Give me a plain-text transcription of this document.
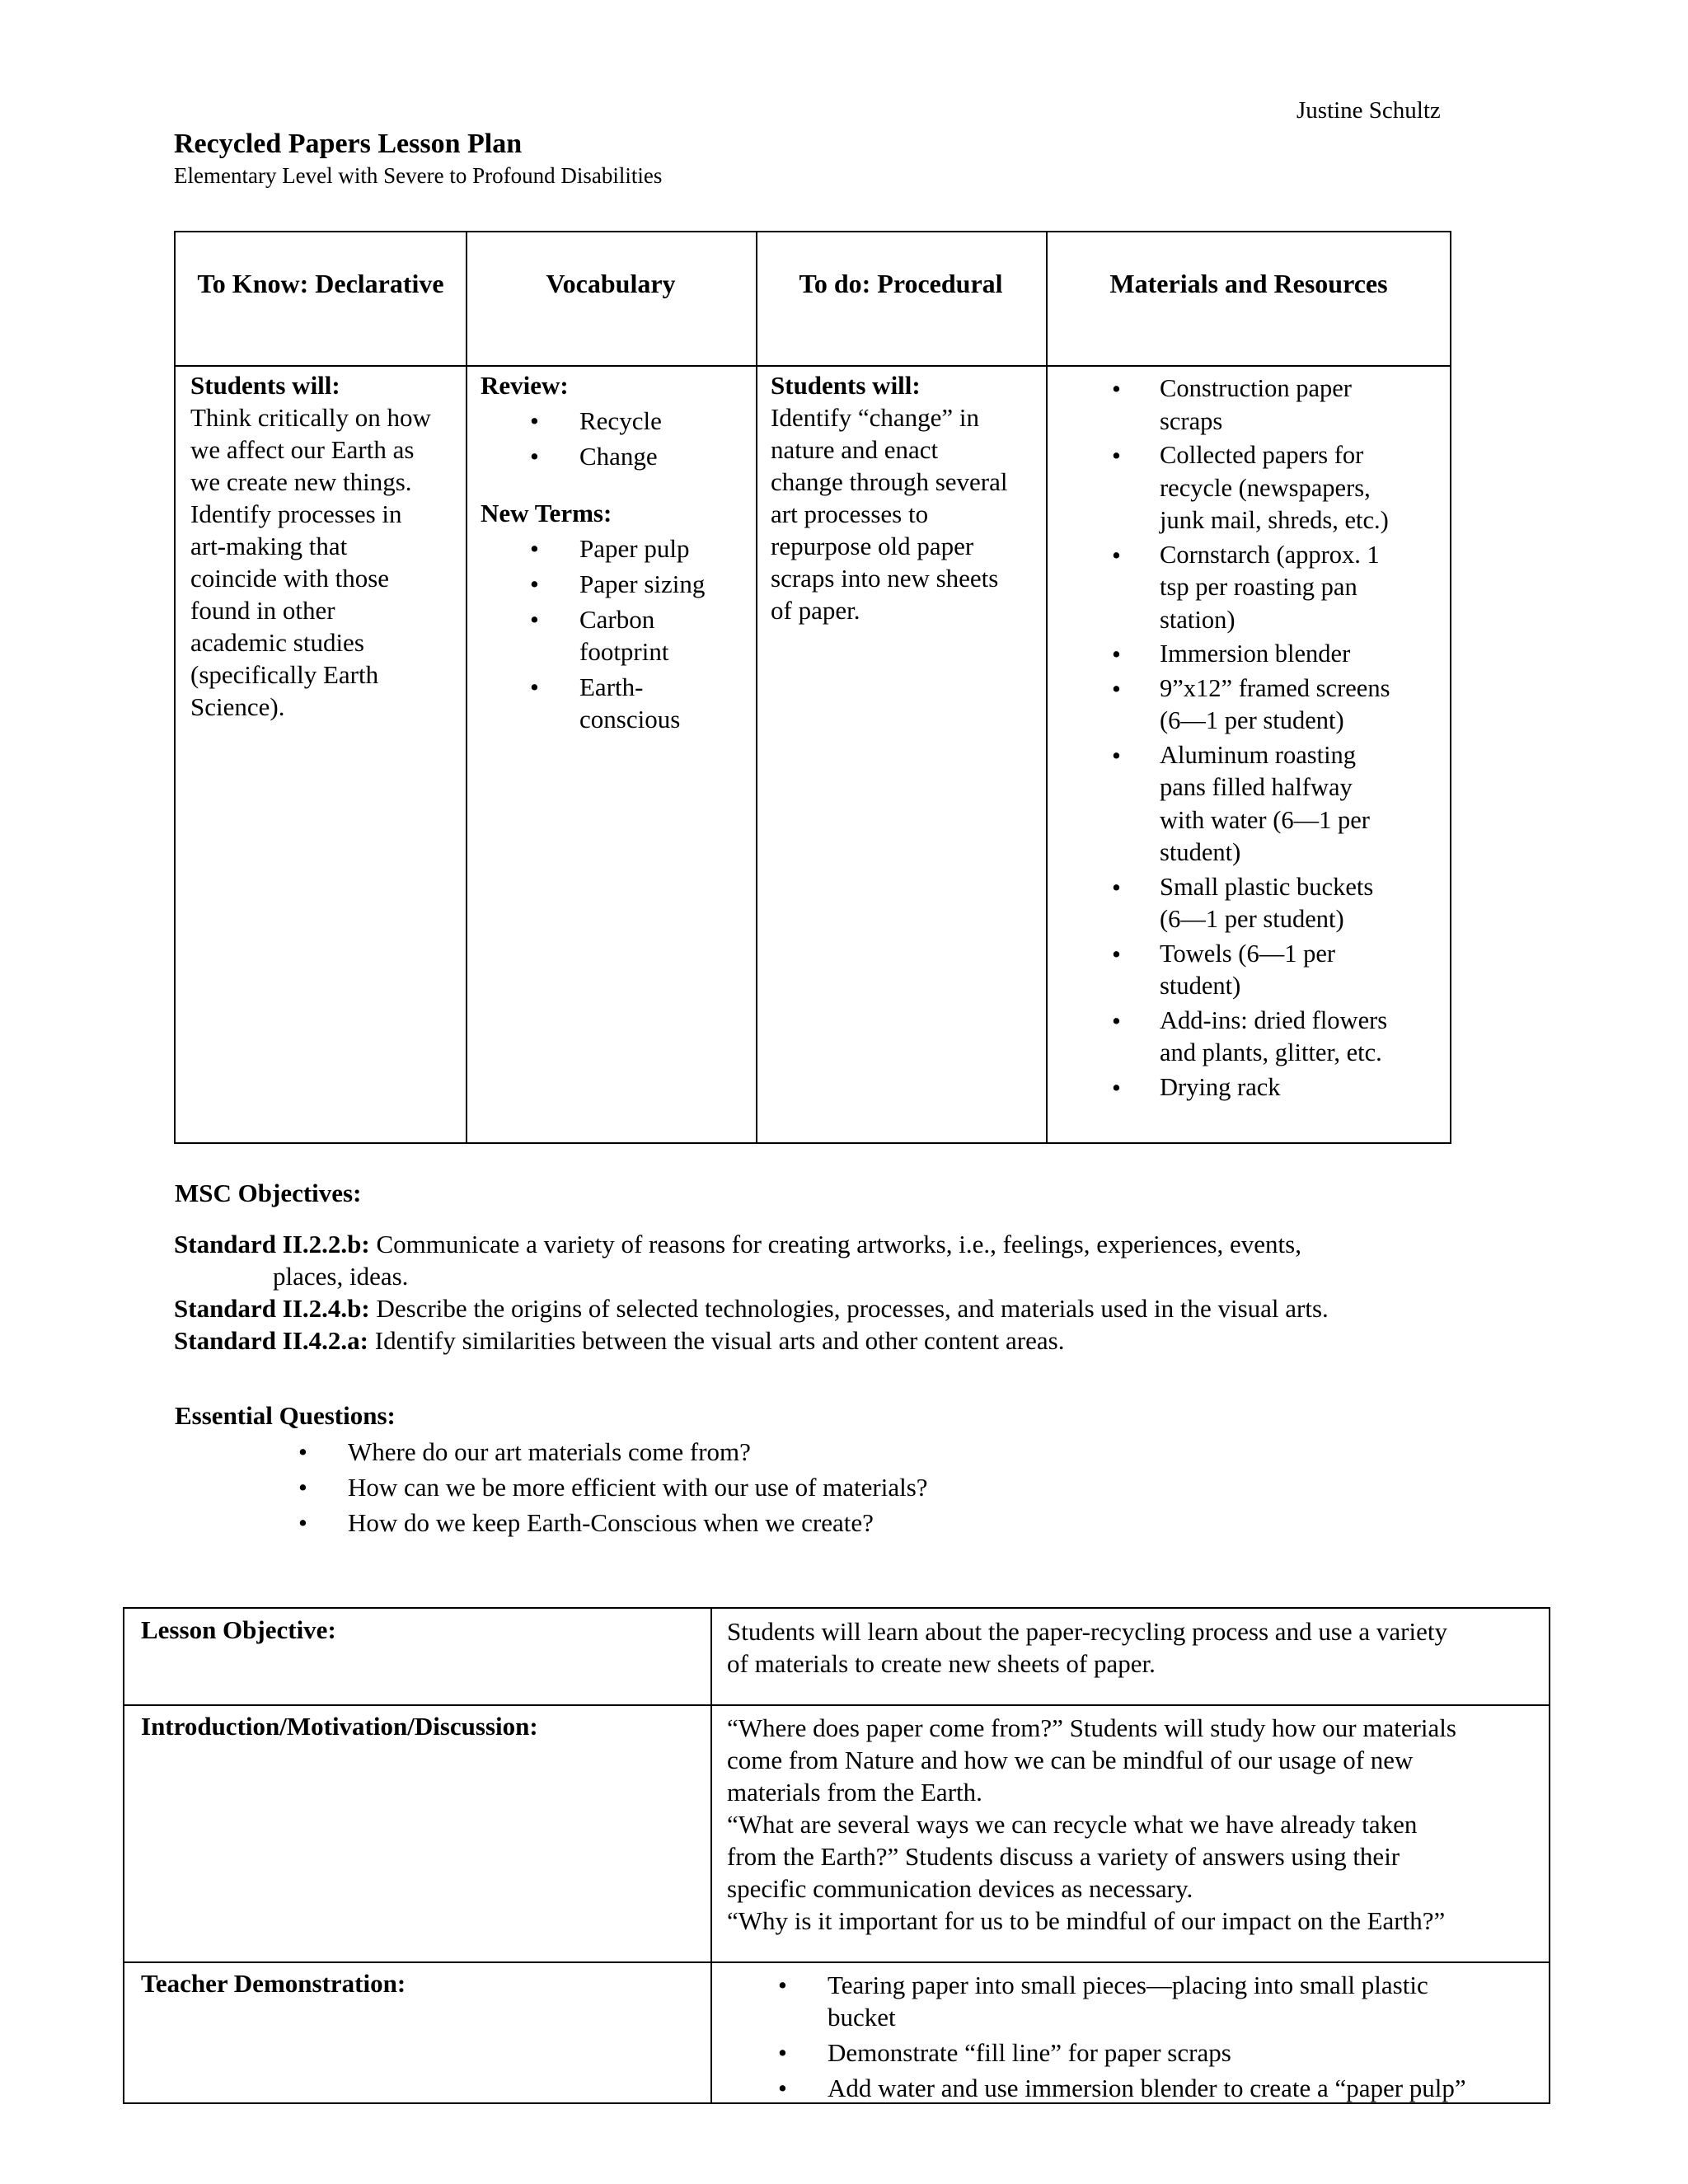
Justine Schultz
Recycled Papers Lesson Plan
Elementary Level with Severe to Profound Disabilities
To Know: Declarative	Vocabulary	To do: Procedural	Materials and Resources
Students will:
Think critically on how
we affect our Earth as
we create new things.
Identify processes in
art-making that
coincide with those
found in other
academic studies
(specifically Earth
Science).
Review:
• Recycle
• Change
New Terms:
• Paper pulp
• Paper sizing
• Carbon
footprint
• Earth-
conscious
Students will:
Identify “change” in
nature and enact
change through several
art processes to
repurpose old paper
scraps into new sheets
of paper.
• Construction paper
scraps
• Collected papers for
recycle (newspapers,
junk mail, shreds, etc.)
• Cornstarch (approx. 1
tsp per roasting pan
station)
• Immersion blender
• 9”x12” framed screens
(6—1 per student)
• Aluminum roasting
pans filled halfway
with water (6—1 per
student)
• Small plastic buckets
(6—1 per student)
• Towels (6—1 per
student)
• Add-ins: dried flowers
and plants, glitter, etc.
• Drying rack
MSC Objectives:
Standard II.2.2.b: Communicate a variety of reasons for creating artworks, i.e., feelings, experiences, events,
places, ideas.
Standard II.2.4.b: Describe the origins of selected technologies, processes, and materials used in the visual arts.
Standard II.4.2.a: Identify similarities between the visual arts and other content areas.
Essential Questions:
• Where do our art materials come from?
• How can we be more efficient with our use of materials?
• How do we keep Earth-Conscious when we create?
Lesson Objective:	Students will learn about the paper-recycling process and use a variety
of materials to create new sheets of paper.
Introduction/Motivation/Discussion:	“Where does paper come from?” Students will study how our materials
come from Nature and how we can be mindful of our usage of new
materials from the Earth.
“What are several ways we can recycle what we have already taken
from the Earth?” Students discuss a variety of answers using their
specific communication devices as necessary.
“Why is it important for us to be mindful of our impact on the Earth?”
Teacher Demonstration:
•	Tearing paper into small pieces—placing into small plastic
bucket
• Demonstrate “fill line” for paper scraps
• Add water and use immersion blender to create a “paper pulp”
